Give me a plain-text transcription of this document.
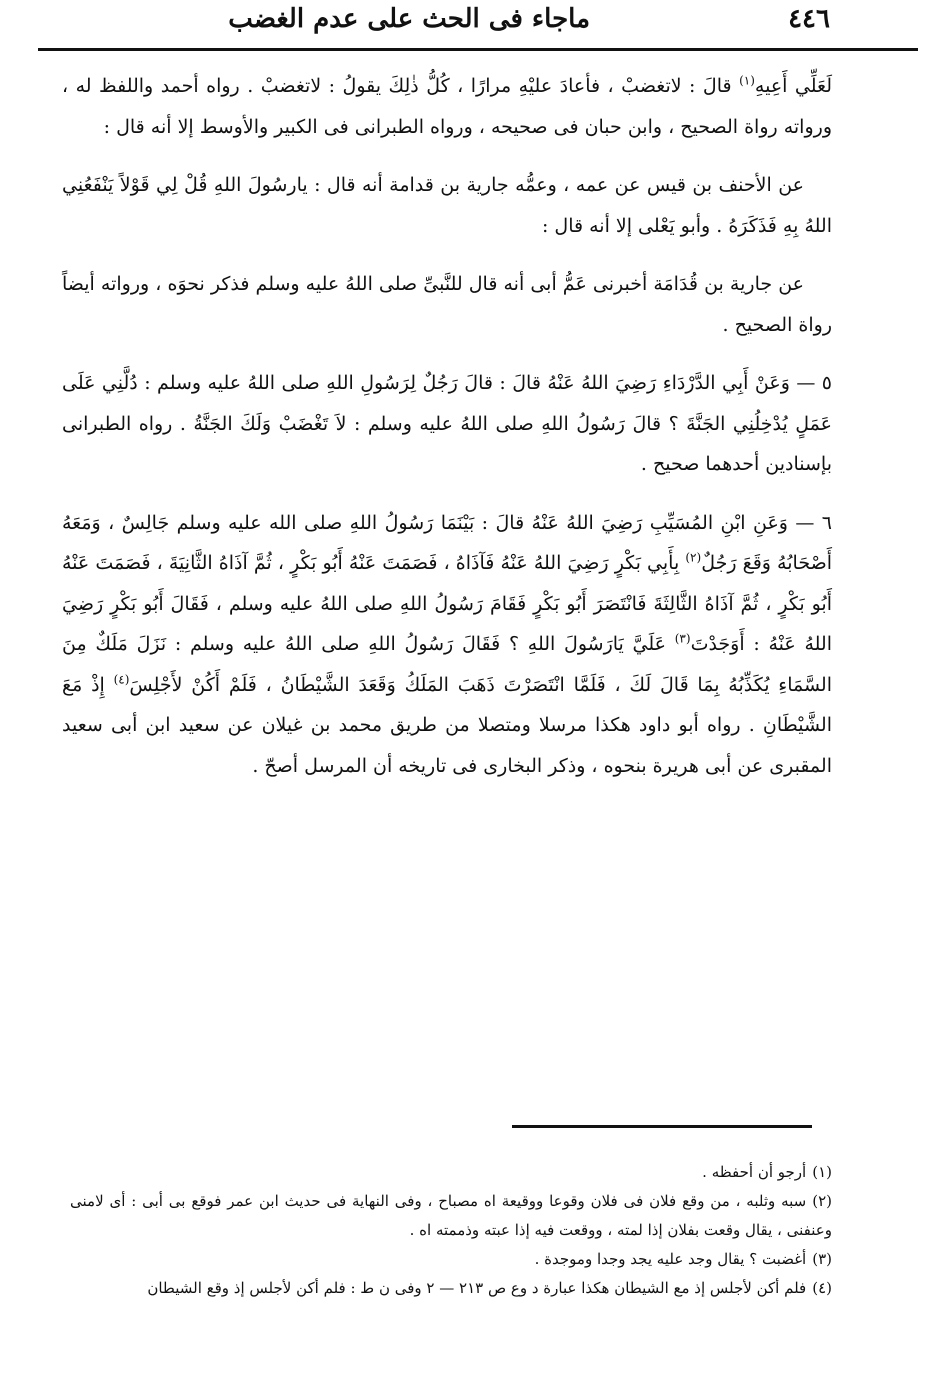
٤٤٦
ماجاء فى الحث على عدم الغضب

لَعَلِّي أَعِيهِ$^{(١)}$ قالَ : لاتغضبْ ، فأعادَ عليْهِ مرارًا ، كُلُّ ذٰلِكَ يقولُ : لاتغضبْ . رواه أحمد واللفظ له ، ورواته رواة الصحيح ، وابن حبان فى صحيحه ، ورواه الطبرانى فى الكبير والأوسط إلا أنه قال :

عن الأحنف بن قيس عن عمه ، وعمُّه جارية بن قدامة أنه قال : يارسُولَ اللهِ قُلْ لِي قَوْلاً يَنْفَعُنِي اللهُ بِهِ فَذَكَرَهُ . وأبو يَعْلى إلا أنه قال :

عن جارية بن قُدَامَة أخبرنى عَمُّ أبى أنه قال للنَّبىِّ صلى اللهُ عليه وسلم فذكر نحوَه ، ورواته أيضاً رواة الصحيح .

٥ — وَعَنْ أَبِي الدَّرْدَاءِ رَضِيَ اللهُ عَنْهُ قالَ : قالَ رَجُلٌ لِرَسُولِ اللهِ صلى اللهُ عليه وسلم : دُلَّنِي عَلَى عَمَلٍ يُدْخِلُنِي الجَنَّةَ ؟ قالَ رَسُولُ اللهِ صلى اللهُ عليه وسلم : لاَ تَغْضَبْ وَلَكَ الجَنَّةُ . رواه الطبرانى بإسنادين أحدهما صحيح .

٦ — وَعَنِ ابْنِ المُسَيِّبِ رَضِيَ اللهُ عَنْهُ قالَ : بَيْنَمَا رَسُولُ اللهِ صلى الله عليه وسلم جَالِسٌ ، وَمَعَهُ أَصْحَابُهُ وَقَعَ رَجُلٌ$^{(٢)}$ بِأَبِي بَكْرٍ رَضِيَ اللهُ عَنْهُ فَآذَاهُ ، فَصَمَتَ عَنْهُ أَبُو بَكْرٍ ، ثُمَّ آذَاهُ الثَّانِيَةَ ، فَصَمَتَ عَنْهُ أَبُو بَكْرٍ ، ثُمَّ آذَاهُ الثَّالِثَةَ فَانْتَصَرَ أَبُو بَكْرٍ فَقَامَ رَسُولُ اللهِ صلى اللهُ عليه وسلم ، فَقَالَ أَبُو بَكْرٍ رَضِيَ اللهُ عَنْهُ : أَوَجَدْتَ$^{(٣)}$ عَلَيَّ يَارَسُولَ اللهِ ؟ فَقَالَ رَسُولُ اللهِ صلى اللهُ عليه وسلم : نَزَلَ مَلَكٌ مِنَ السَّمَاءِ يُكَذِّبُهُ بِمَا قَالَ لَكَ ، فَلَمَّا انْتَصَرْتَ ذَهَبَ المَلَكُ وَقَعَدَ الشَّيْطَانُ ، فَلَمْ أَكُنْ لأَجْلِسَ$^{(٤)}$ إِذْ مَعَ الشَّيْطَانِ . رواه أبو داود هكذا مرسلا ومتصلا من طريق محمد بن غيلان عن سعيد ابن أبى سعيد المقبرى عن أبى هريرة بنحوه ، وذكر البخارى فى تاريخه أن المرسل أصحّ .

(١)أرجو أن أحفظه .

(٢)سبه وثلبه ، من وقع فلان فى فلان وقوعا ووقيعة اه مصباح ، وفى النهاية فى حديث ابن عمر فوقع بى أبى : أى لامنى وعنفنى ، يقال وقعت بفلان إذا لمته ، ووقعت فيه إذا عبته وذممته اه .

(٣)أغضبت ؟ يقال وجد عليه يجد وجدا وموجدة .

(٤)فلم أكن لأجلس إذ مع الشيطان هكذا عبارة د وع ص ٢١٣ — ٢ وفى ن ط : فلم أكن لأجلس إذ وقع الشيطان
